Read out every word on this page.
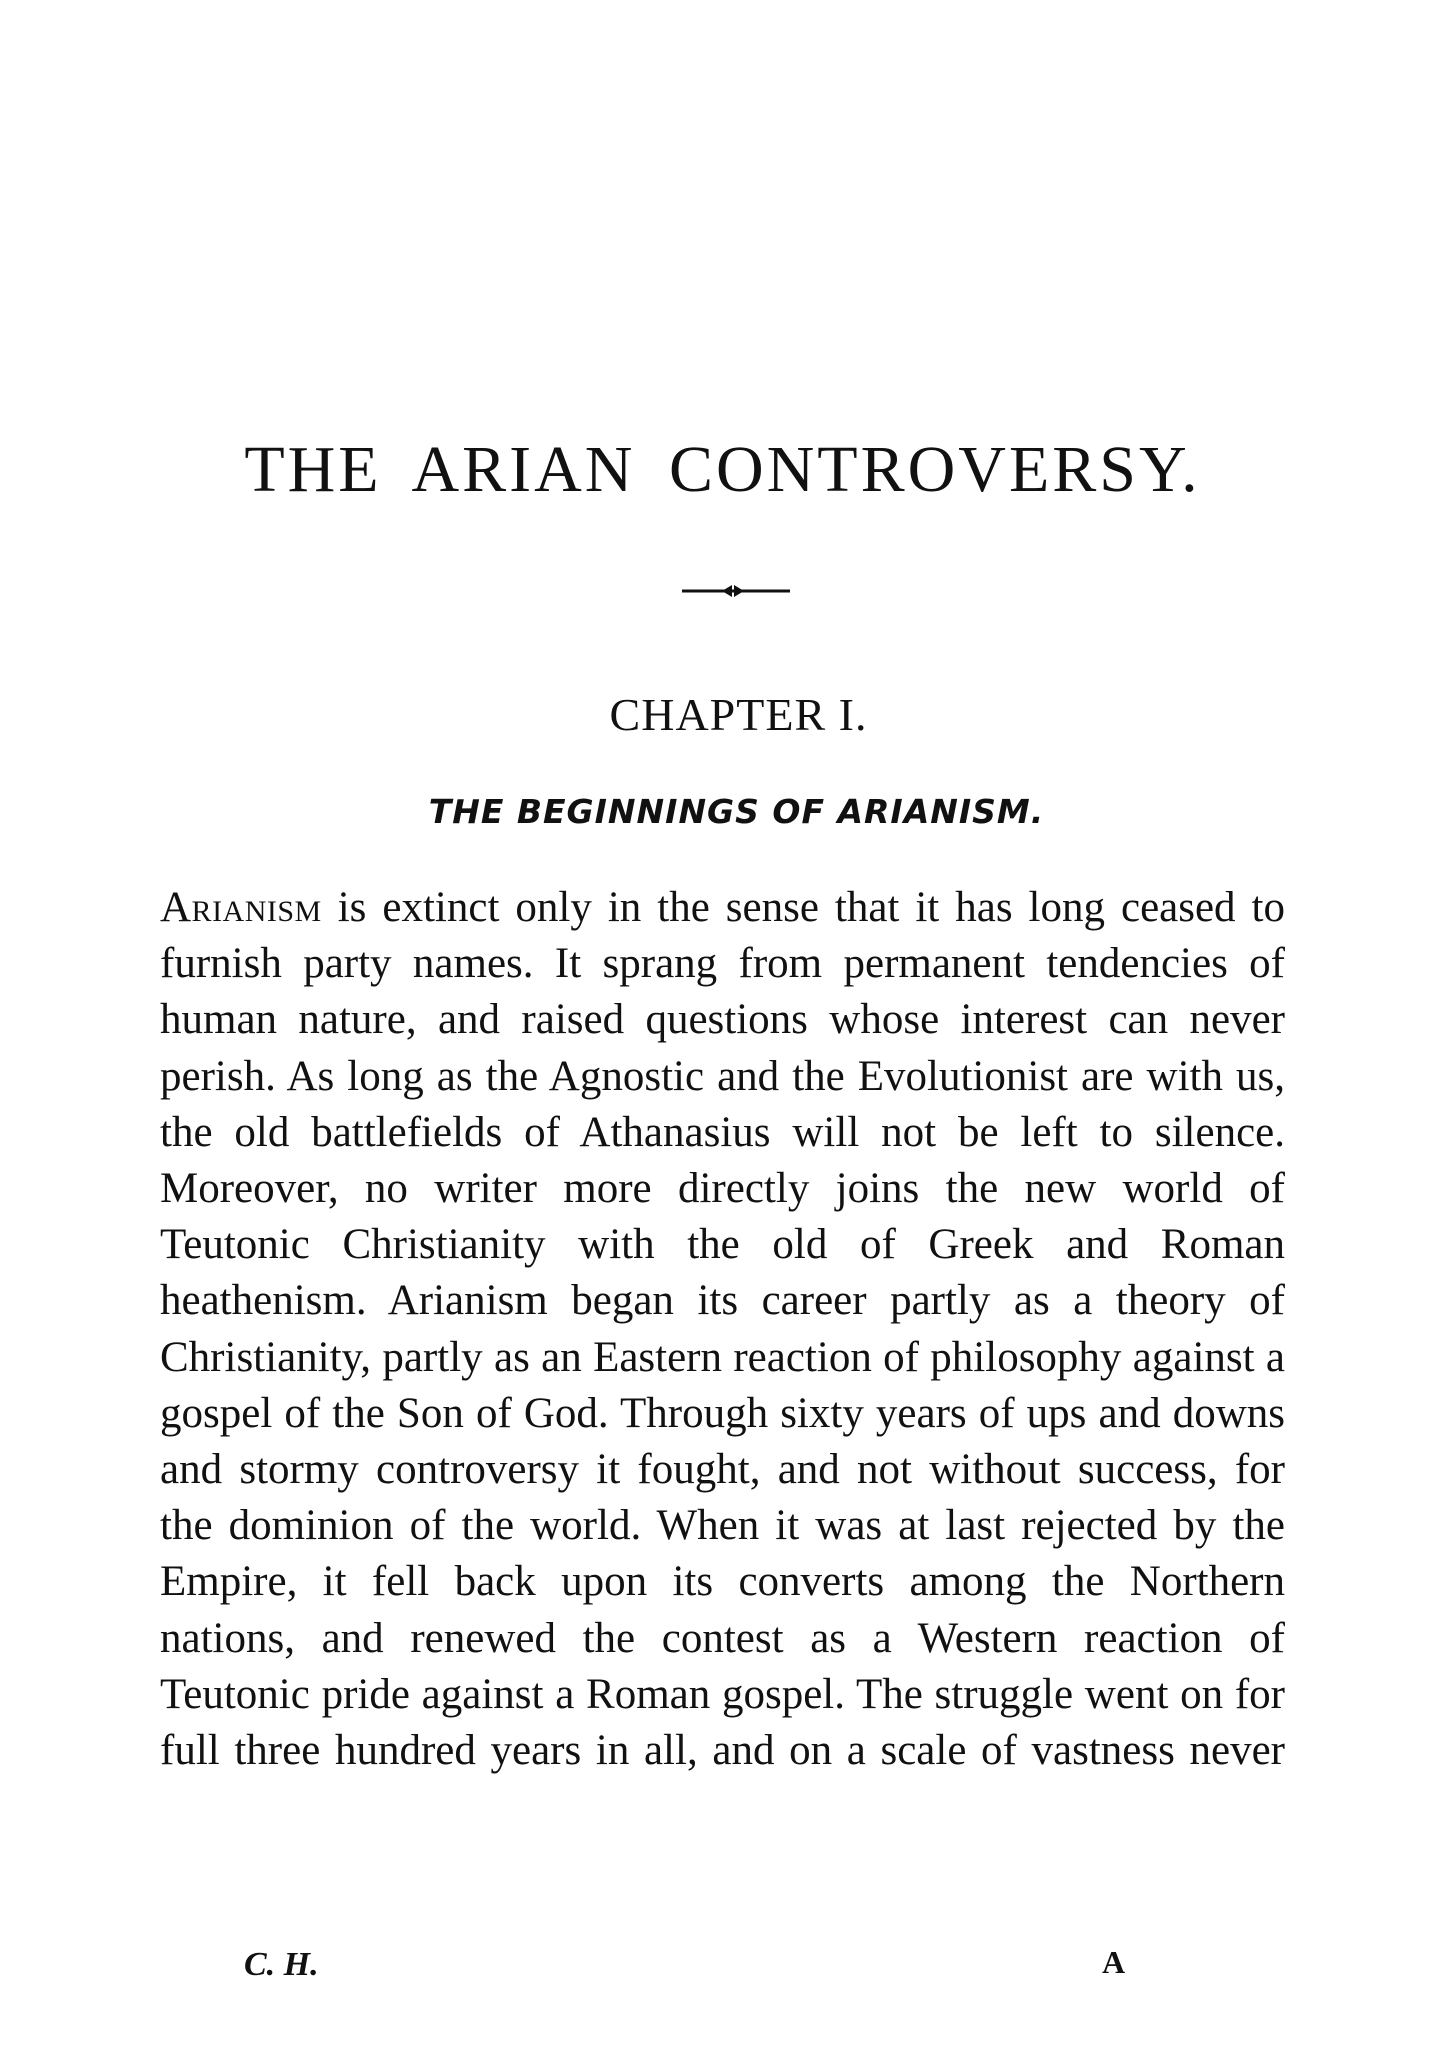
THE ARIAN CONTROVERSY.
CHAPTER I.
THE BEGINNINGS OF ARIANISM.

Arianism is extinct only in the sense that it has long ceased to furnish party names. It sprang from permanent tendencies of human nature, and raised questions whose interest can never perish. As long as the Agnostic and the Evolutionist are with us, the old battlefields of Athanasius will not be left to silence. Moreover, no writer more directly joins the new world of Teutonic Christianity with the old of Greek and Roman heathenism. Arianism began its career partly as a theory of Christianity, partly as an Eastern reaction of philosophy against a gospel of the Son of God. Through sixty years of ups and downs and stormy controversy it fought, and not without success, for the dominion of the world. When it was at last rejected by the Empire, it fell back upon its converts among the Northern nations, and renewed the contest as a Western reaction of Teutonic pride against a Roman gospel. The struggle went on for full three hundred years in all, and on a scale of vastness never

C. H.	A
